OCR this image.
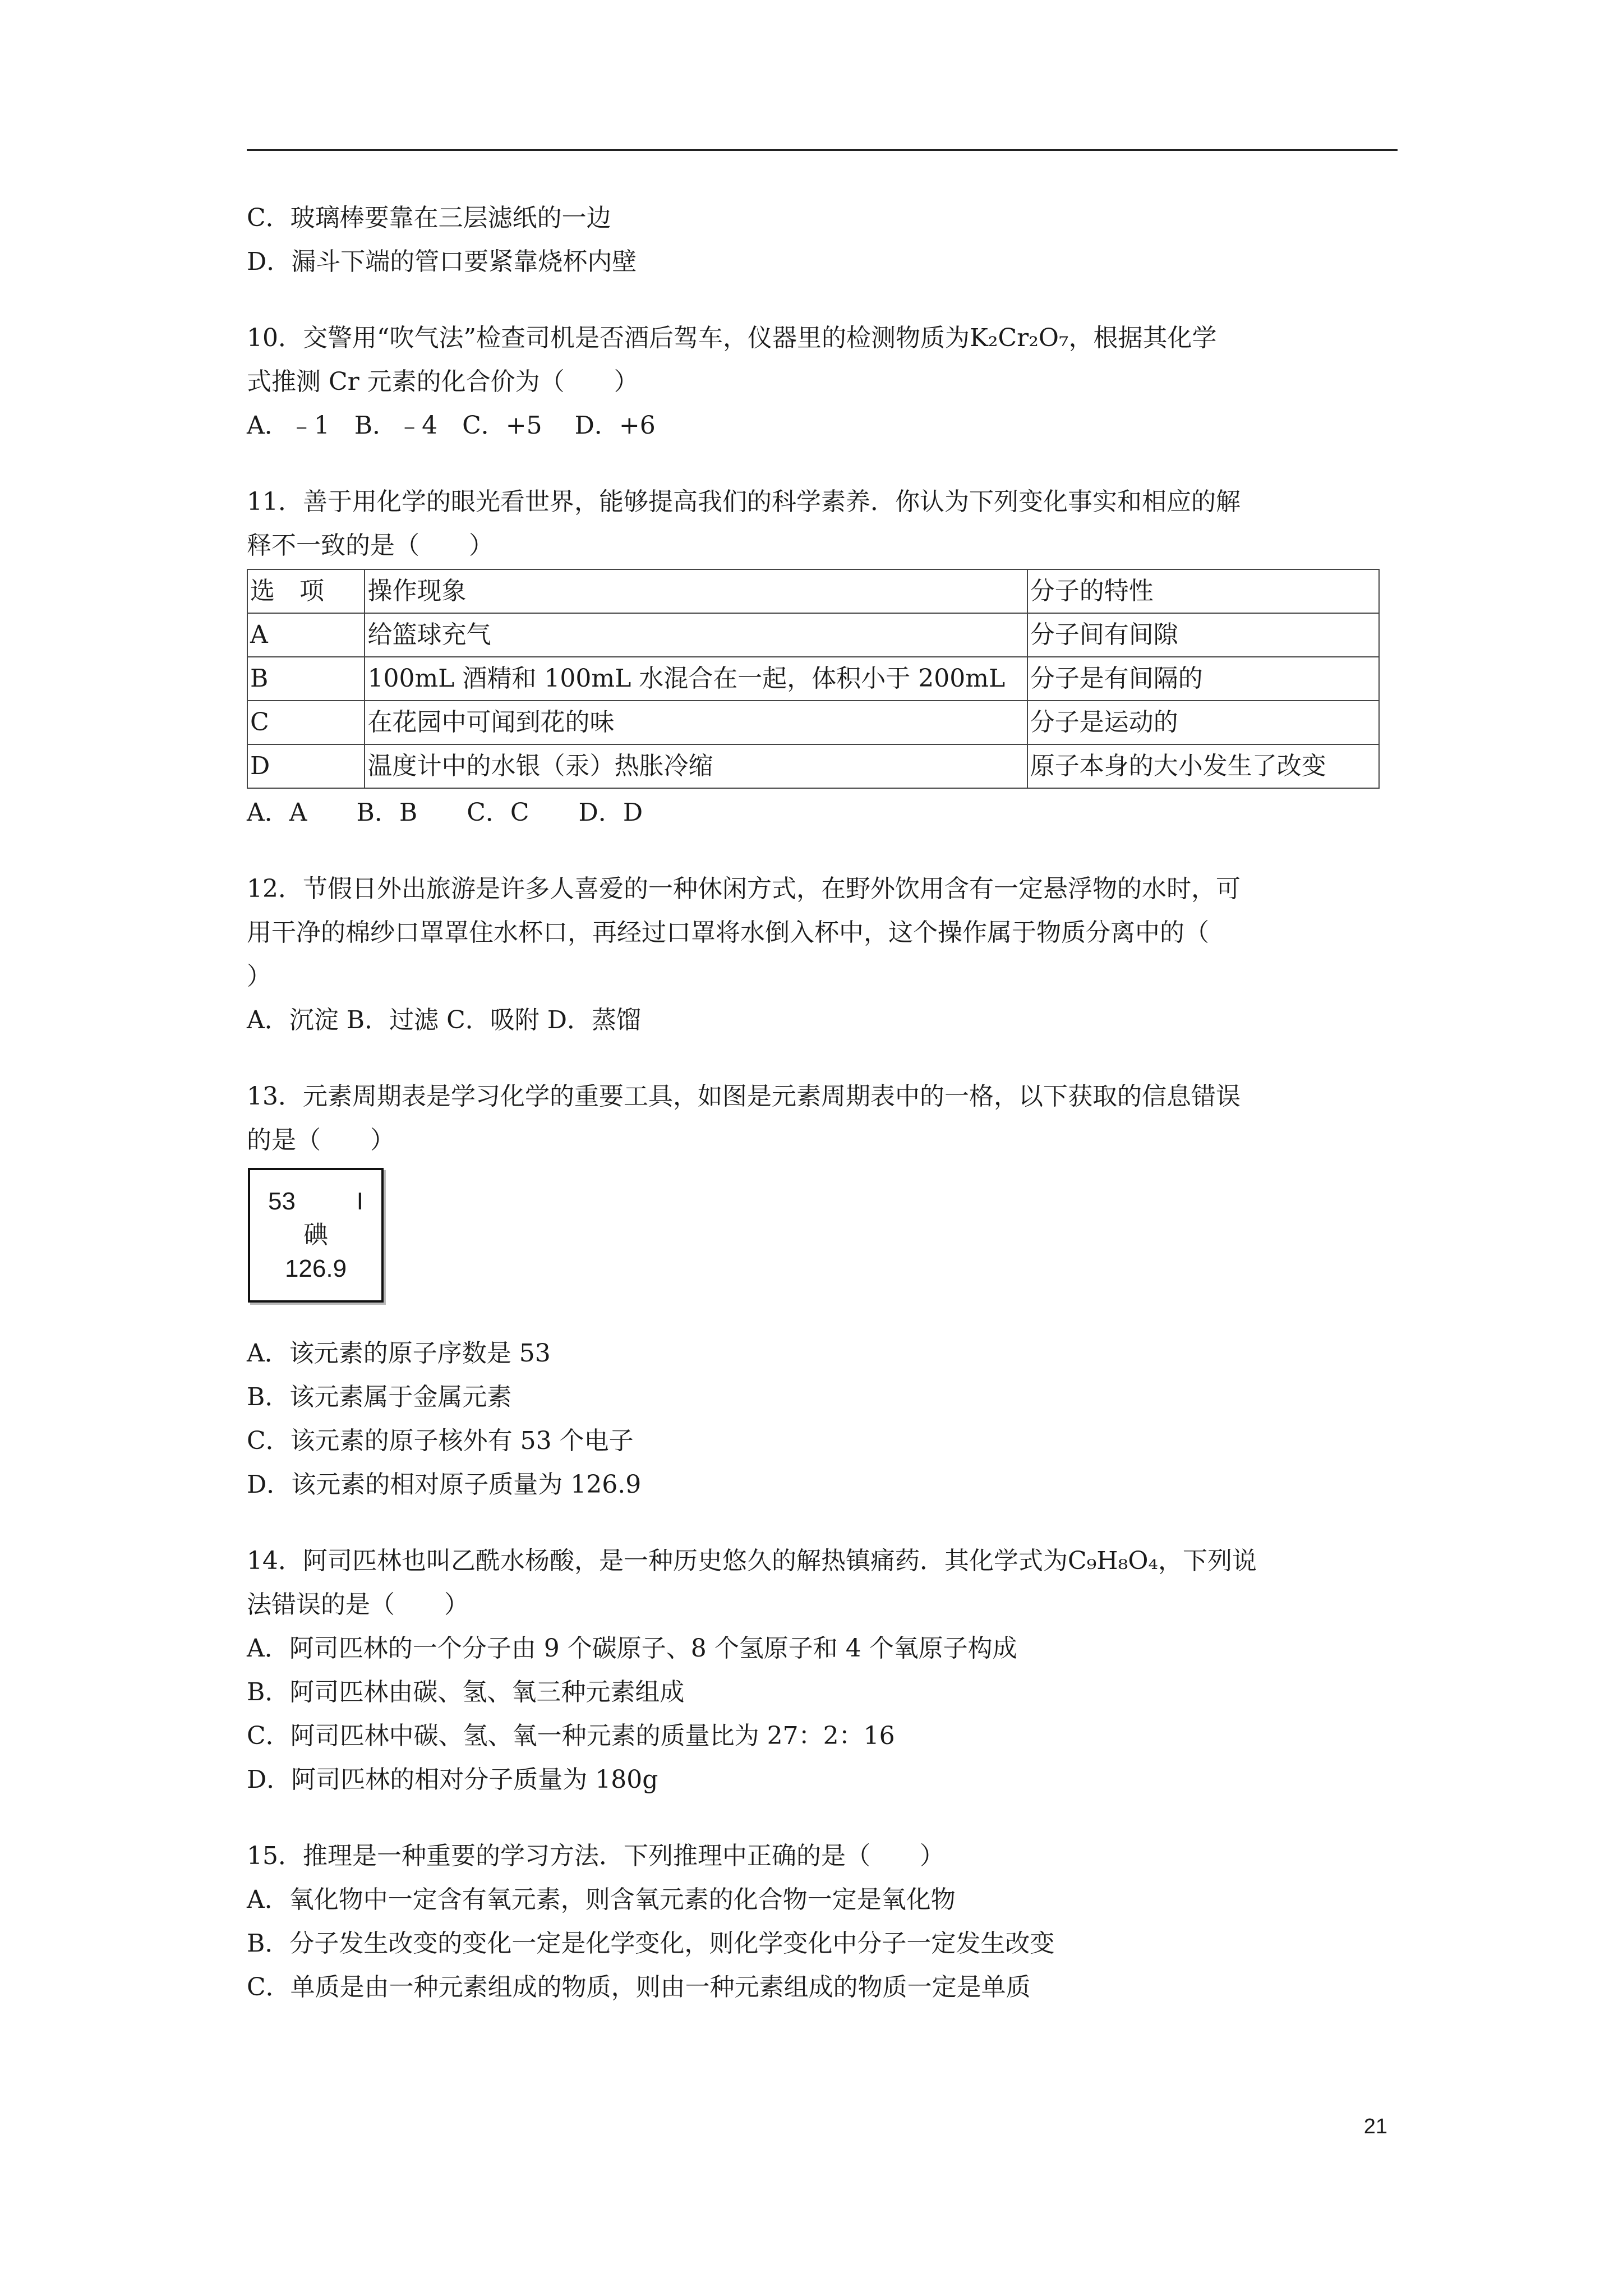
C．玻璃棒要靠在三层滤纸的一边
D．漏斗下端的管口要紧靠烧杯内壁
10．交警用“吹气法”检查司机是否酒后驾车，仪器里的检测物质为K₂Cr₂O₇，根据其化学
式推测 Cr 元素的化合价为（　　）
A．﹣1　B．﹣4　C．+5　 D．+6
11．善于用化学的眼光看世界，能够提高我们的科学素养．你认为下列变化事实和相应的解
释不一致的是（　　）
选　项	操作现象	分子的特性
A	给篮球充气	分子间有间隙
B	100mL 酒精和 100mL 水混合在一起，体积小于 200mL	分子是有间隔的
C	在花园中可闻到花的味	分子是运动的
D	温度计中的水银（汞）热胀冷缩	原子本身的大小发生了改变
A．A　　B．B　　C．C　　D．D
12．节假日外出旅游是许多人喜爱的一种休闲方式，在野外饮用含有一定悬浮物的水时，可
用干净的棉纱口罩罩住水杯口，再经过口罩将水倒入杯中，这个操作属于物质分离中的（
）
A．沉淀 B．过滤 C．吸附 D．蒸馏
13．元素周期表是学习化学的重要工具，如图是元素周期表中的一格，以下获取的信息错误
的是（　　）
53 I
碘
126.9
A．该元素的原子序数是 53
B．该元素属于金属元素
C．该元素的原子核外有 53 个电子
D．该元素的相对原子质量为 126.9
14．阿司匹林也叫乙酰水杨酸，是一种历史悠久的解热镇痛药．其化学式为C₉H₈O₄，下列说
法错误的是（　　）
A．阿司匹林的一个分子由 9 个碳原子、8 个氢原子和 4 个氧原子构成
B．阿司匹林由碳、氢、氧三种元素组成
C．阿司匹林中碳、氢、氧一种元素的质量比为 27：2：16
D．阿司匹林的相对分子质量为 180g
15．推理是一种重要的学习方法．下列推理中正确的是（　　）
A．氧化物中一定含有氧元素，则含氧元素的化合物一定是氧化物
B．分子发生改变的变化一定是化学变化，则化学变化中分子一定发生改变
C．单质是由一种元素组成的物质，则由一种元素组成的物质一定是单质
21
